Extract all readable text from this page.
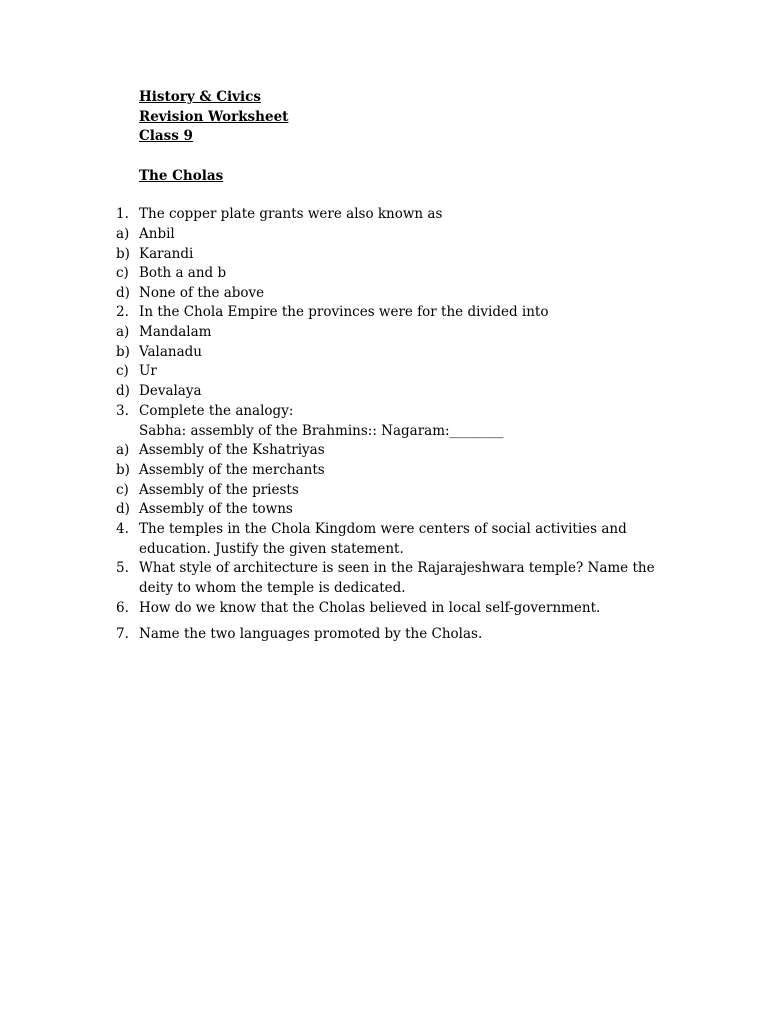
History & Civics
Revision Worksheet
Class 9
The Cholas
1. The copper plate grants were also known as
a) Anbil
b) Karandi
c) Both a and b
d) None of the above
2. In the Chola Empire the provinces were for the divided into
a) Mandalam
b) Valanadu
c) Ur
d) Devalaya
3. Complete the analogy:
Sabha: assembly of the Brahmins:: Nagaram:________
a) Assembly of the Kshatriyas
b) Assembly of the merchants
c) Assembly of the priests
d) Assembly of the towns
4. The temples in the Chola Kingdom were centers of social activities and education. Justify the given statement.
5. What style of architecture is seen in the Rajarajeshwara temple? Name the deity to whom the temple is dedicated.
6. How do we know that the Cholas believed in local self-government.
7. Name the two languages promoted by the Cholas.
